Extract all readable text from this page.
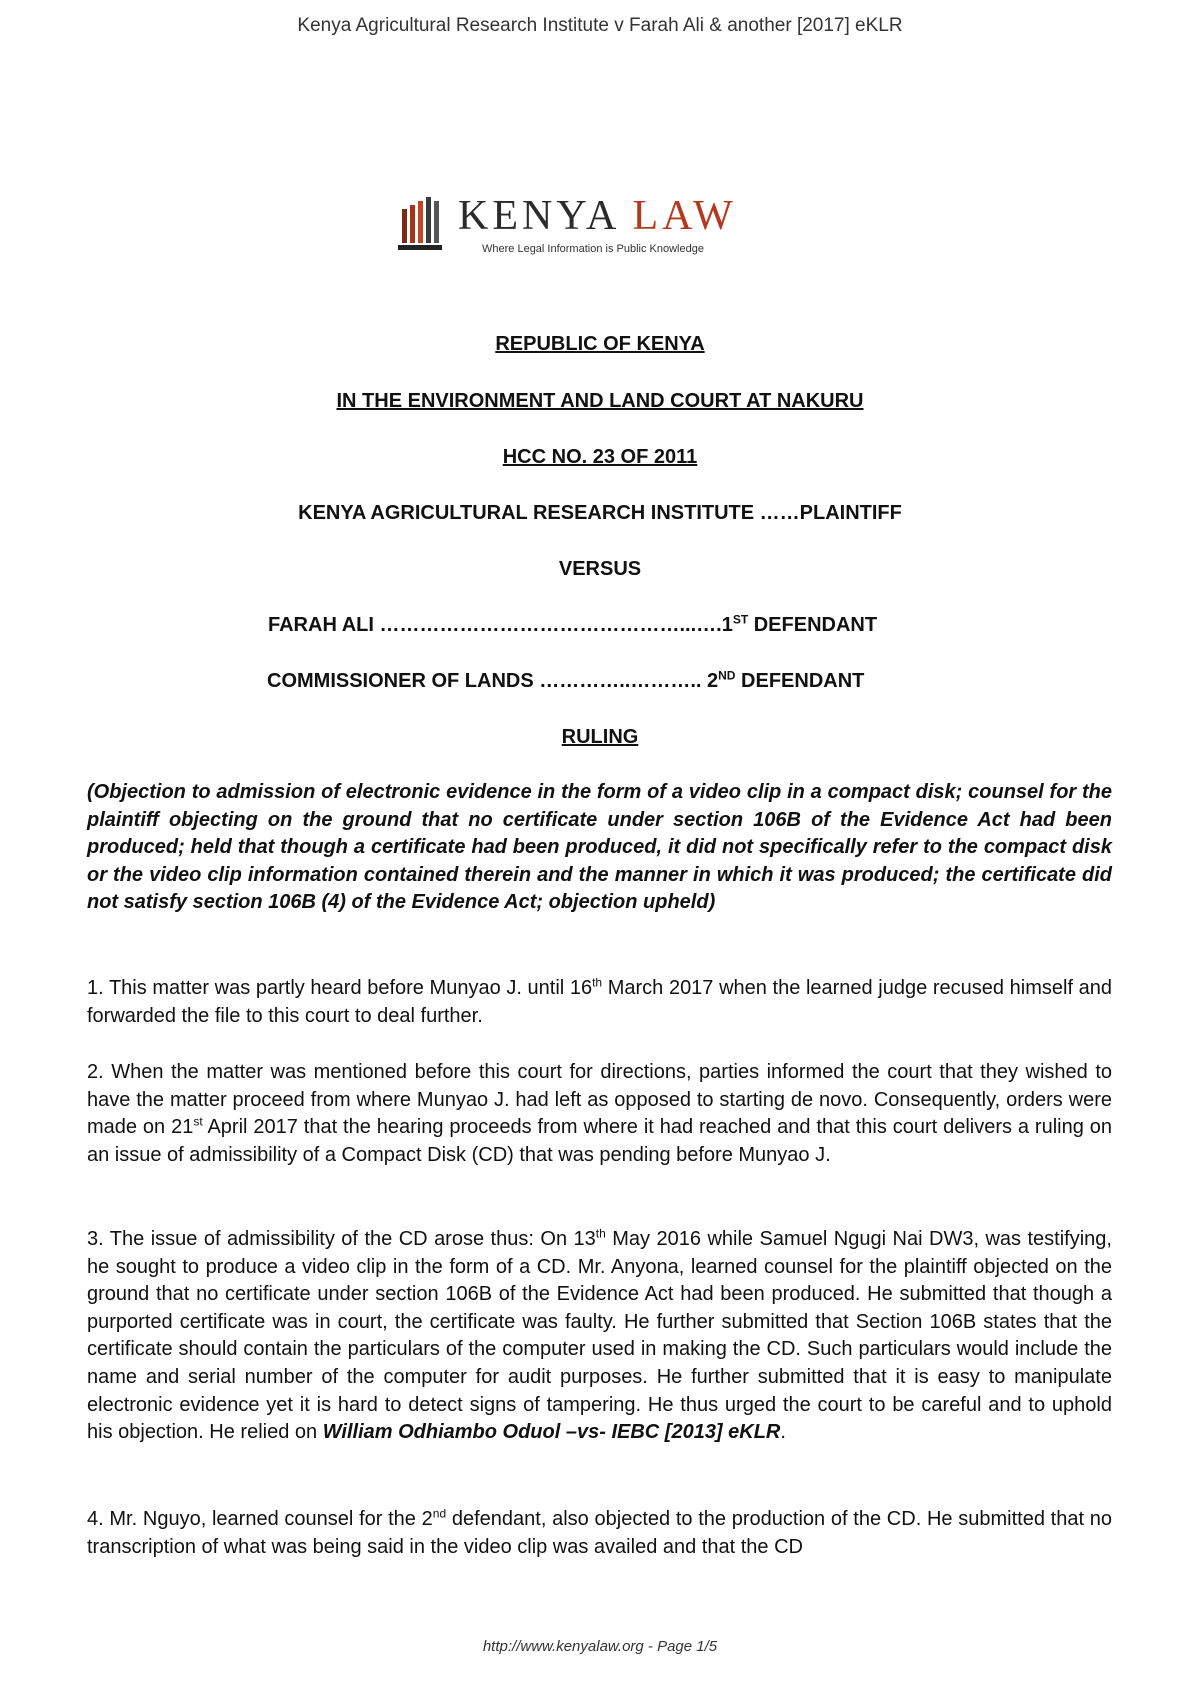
Kenya Agricultural Research Institute v Farah Ali & another [2017] eKLR
KENYA LAW
Where Legal Information is Public Knowledge
REPUBLIC OF KENYA
IN THE ENVIRONMENT AND LAND COURT AT NAKURU
HCC NO. 23 OF 2011
KENYA AGRICULTURAL RESEARCH INSTITUTE ……PLAINTIFF
VERSUS
FARAH ALI ………………………………………...….1ST DEFENDANT
COMMISSIONER OF LANDS …………..……….. 2ND DEFENDANT
RULING
(Objection to admission of electronic evidence in the form of a video clip in a compact disk; counsel for the plaintiff objecting on the ground that no certificate under section 106B of the Evidence Act had been produced; held that though a certificate had been produced, it did not specifically refer to the compact disk or the video clip information contained therein and the manner in which it was produced; the certificate did not satisfy section 106B (4) of the Evidence Act; objection upheld)

1. This matter was partly heard before Munyao J. until 16th March 2017 when the learned judge recused himself and forwarded the file to this court to deal further.

2. When the matter was mentioned before this court for directions, parties informed the court that they wished to have the matter proceed from where Munyao J. had left as opposed to starting de novo. Consequently, orders were made on 21st April 2017 that the hearing proceeds from where it had reached and that this court delivers a ruling on an issue of admissibility of a Compact Disk (CD) that was pending before Munyao J.

3. The issue of admissibility of the CD arose thus: On 13th May 2016 while Samuel Ngugi Nai DW3, was testifying, he sought to produce a video clip in the form of a CD. Mr. Anyona, learned counsel for the plaintiff objected on the ground that no certificate under section 106B of the Evidence Act had been produced. He submitted that though a purported certificate was in court, the certificate was faulty. He further submitted that Section 106B states that the certificate should contain the particulars of the computer used in making the CD. Such particulars would include the name and serial number of the computer for audit purposes. He further submitted that it is easy to manipulate electronic evidence yet it is hard to detect signs of tampering. He thus urged the court to be careful and to uphold his objection. He relied on William Odhiambo Oduol –vs- IEBC [2013] eKLR.

4. Mr. Nguyo, learned counsel for the 2nd defendant, also objected to the production of the CD. He submitted that no transcription of what was being said in the video clip was availed and that the CD

http://www.kenyalaw.org - Page 1/5
